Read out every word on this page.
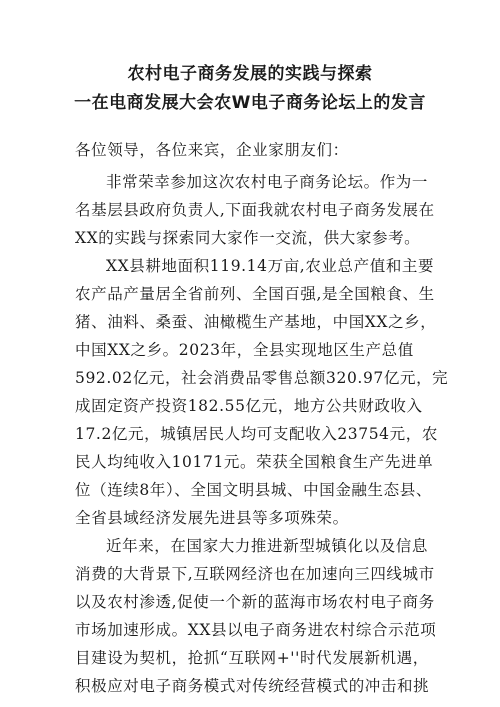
农村电子商务发展的实践与探索
一在电商发展大会农W电子商务论坛上的发言
各位领导，各位来宾，企业家朋友们：
非常荣幸参加这次农村电子商务论坛。作为一
名基层县政府负责人,下面我就农村电子商务发展在
XX的实践与探索同大家作一交流，供大家参考。
XX县耕地面积119.14万亩,农业总产值和主要
农产品产量居全省前列、全国百强,是全国粮食、生
猪、油料、桑蚕、油橄榄生产基地，中国XX之乡，
中国XX之乡。2023年，全县实现地区生产总值
592.02亿元，社会消费品零售总额320.97亿元，完
成固定资产投资182.55亿元，地方公共财政收入
17.2亿元，城镇居民人均可支配收入23754元，农
民人均纯收入10171元。荣获全国粮食生产先进单
位（连续8年）、全国文明县城、中国金融生态县、
全省县域经济发展先进县等多项殊荣。
近年来，在国家大力推进新型城镇化以及信息
消费的大背景下,互联网经济也在加速向三四线城市
以及农村渗透,促使一个新的蓝海市场农村电子商务
市场加速形成。XX县以电子商务进农村综合示范项
目建设为契机，抢抓“互联网+''时代发展新机遇，
积极应对电子商务模式对传统经营模式的冲击和挑
